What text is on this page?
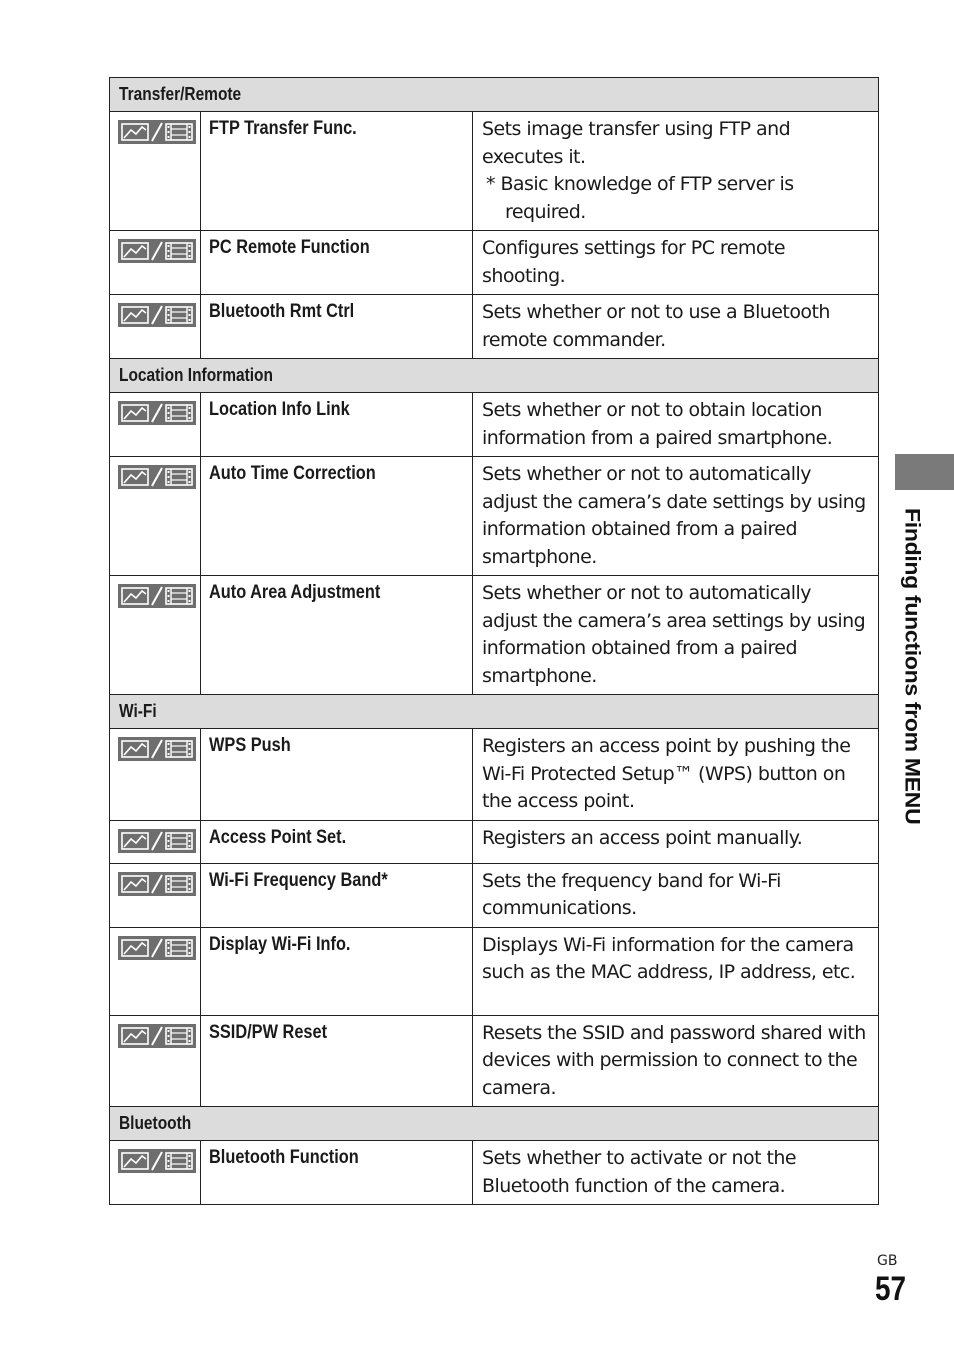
Transfer/Remote		

	FTP Transfer Func.	Sets image transfer using FTP and executes it.
* Basic knowledge of FTP server is
required.

	PC Remote Function	Configures settings for PC remote shooting.

	Bluetooth Rmt Ctrl	Sets whether or not to use a Bluetooth remote commander.
Location Information		

	Location Info Link	Sets whether or not to obtain location information from a paired smartphone.

	Auto Time Correction	Sets whether or not to automatically adjust the camera’s date settings by using information obtained from a paired smartphone.

	Auto Area Adjustment	Sets whether or not to automatically adjust the camera’s area settings by using information obtained from a paired smartphone.
Wi-Fi		

	WPS Push	Registers an access point by pushing the Wi-Fi Protected Setup™ (WPS) button on the access point.

	Access Point Set.	Registers an access point manually.

	Wi-Fi Frequency Band*	Sets the frequency band for Wi-Fi communications.

	Display Wi-Fi Info.	Displays Wi-Fi information for the camera such as the MAC address, IP address, etc.

	SSID/PW Reset	Resets the SSID and password shared with devices with permission to connect to the camera.
Bluetooth		

	Bluetooth Function	Sets whether to activate or not the Bluetooth function of the camera.
Finding functions from MENU
GB
57
